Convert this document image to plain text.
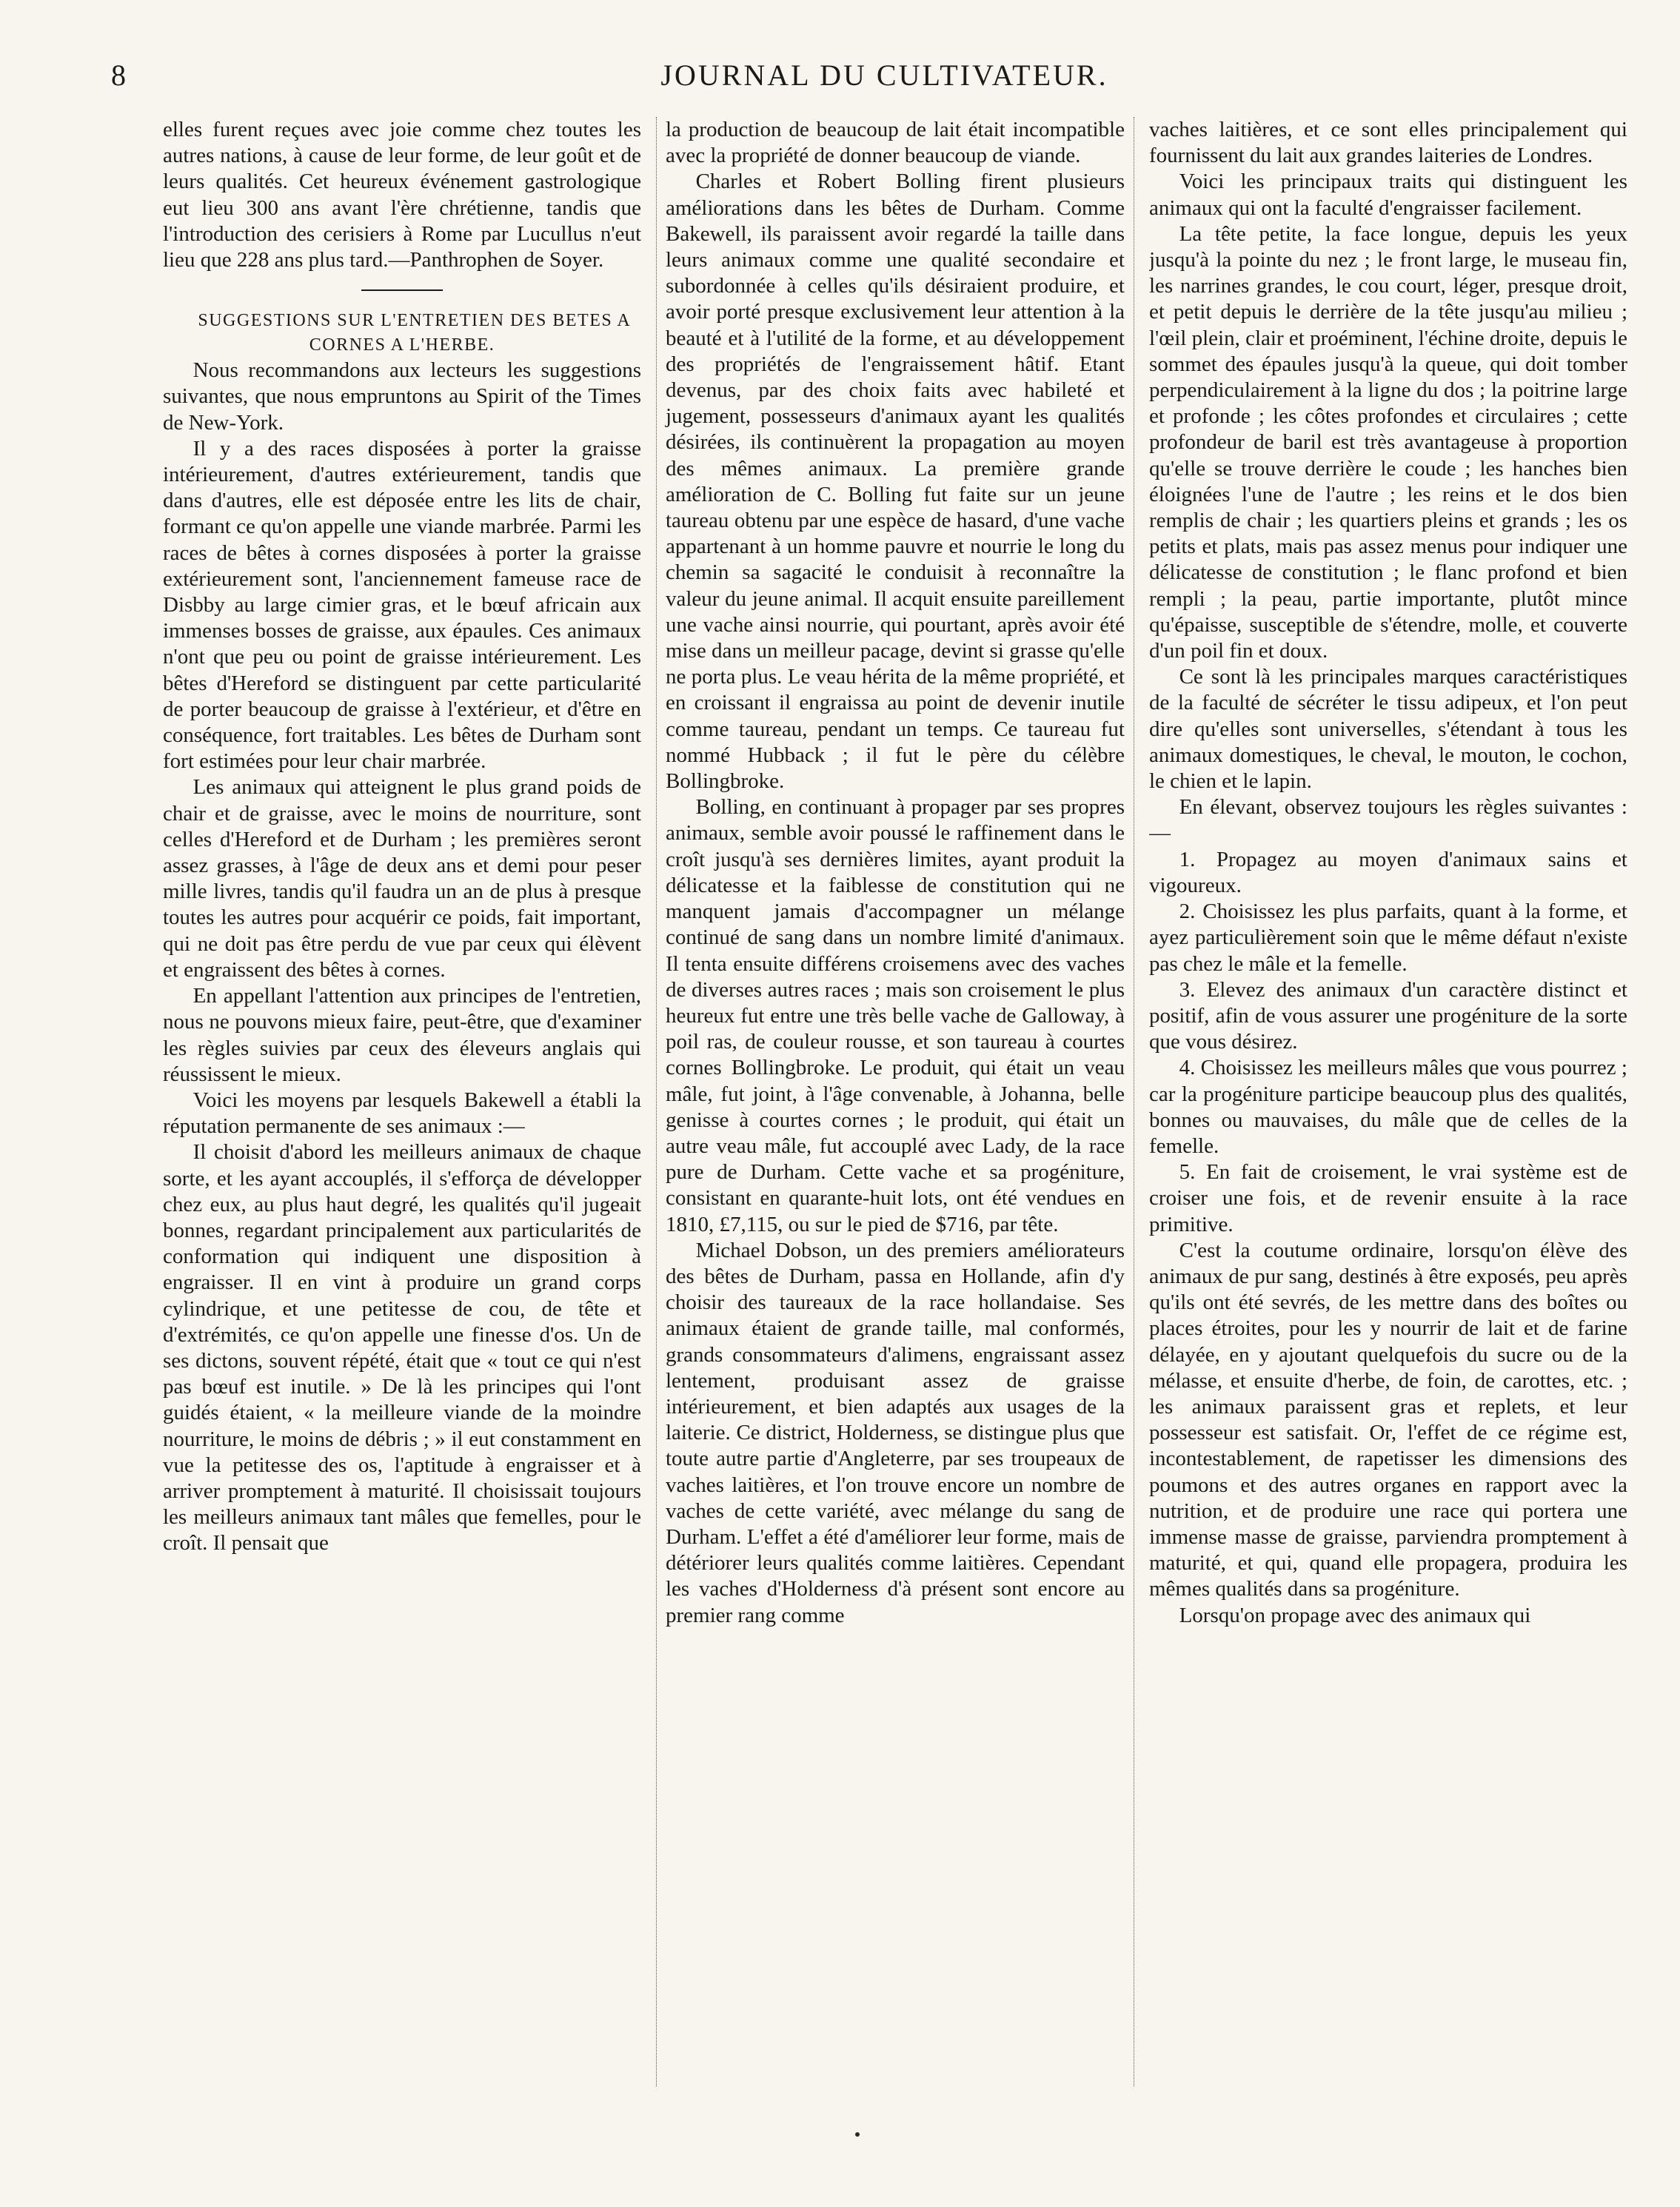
8	JOURNAL DU CULTIVATEUR.

elles furent reçues avec joie comme chez toutes les autres nations, à cause de leur forme, de leur goût et de leurs qualités. Cet heureux événement gastrologique eut lieu 300 ans avant l'ère chrétienne, tandis que l'introduction des cerisiers à Rome par Lucullus n'eut lieu que 228 ans plus tard.—Panthrophen de Soyer.

SUGGESTIONS SUR L'ENTRETIEN DES BETES A CORNES A L'HERBE.

Nous recommandons aux lecteurs les suggestions suivantes, que nous empruntons au Spirit of the Times de New-York.

Il y a des races disposées à porter la graisse intérieurement, d'autres extérieurement, tandis que dans d'autres, elle est déposée entre les lits de chair, formant ce qu'on appelle une viande marbrée. Parmi les races de bêtes à cornes disposées à porter la graisse extérieurement sont, l'anciennement fameuse race de Disbby au large cimier gras, et le bœuf africain aux immenses bosses de graisse, aux épaules. Ces animaux n'ont que peu ou point de graisse intérieurement. Les bêtes d'Hereford se distinguent par cette particularité de porter beaucoup de graisse à l'extérieur, et d'être en conséquence, fort traitables. Les bêtes de Durham sont fort estimées pour leur chair marbrée.

Les animaux qui atteignent le plus grand poids de chair et de graisse, avec le moins de nourriture, sont celles d'Hereford et de Durham ; les premières seront assez grasses, à l'âge de deux ans et demi pour peser mille livres, tandis qu'il faudra un an de plus à presque toutes les autres pour acquérir ce poids, fait important, qui ne doit pas être perdu de vue par ceux qui élèvent et engraissent des bêtes à cornes.

En appellant l'attention aux principes de l'entretien, nous ne pouvons mieux faire, peut-être, que d'examiner les règles suivies par ceux des éleveurs anglais qui réussissent le mieux.

Voici les moyens par lesquels Bakewell a établi la réputation permanente de ses animaux :—

Il choisit d'abord les meilleurs animaux de chaque sorte, et les ayant accouplés, il s'efforça de développer chez eux, au plus haut degré, les qualités qu'il jugeait bonnes, regardant principalement aux particularités de conformation qui indiquent une disposition à engraisser. Il en vint à produire un grand corps cylindrique, et une petitesse de cou, de tête et d'extrémités, ce qu'on appelle une finesse d'os. Un de ses dictons, souvent répété, était que « tout ce qui n'est pas bœuf est inutile. » De là les principes qui l'ont guidés étaient, « la meilleure viande de la moindre nourriture, le moins de débris ; » il eut constamment en vue la petitesse des os, l'aptitude à engraisser et à arriver promptement à maturité. Il choisissait toujours les meilleurs animaux tant mâles que femelles, pour le croît. Il pensait que

la production de beaucoup de lait était incompatible avec la propriété de donner beaucoup de viande.

Charles et Robert Bolling firent plusieurs améliorations dans les bêtes de Durham. Comme Bakewell, ils paraissent avoir regardé la taille dans leurs animaux comme une qualité secondaire et subordonnée à celles qu'ils désiraient produire, et avoir porté presque exclusivement leur attention à la beauté et à l'utilité de la forme, et au développement des propriétés de l'engraissement hâtif. Etant devenus, par des choix faits avec habileté et jugement, possesseurs d'animaux ayant les qualités désirées, ils continuèrent la propagation au moyen des mêmes animaux. La première grande amélioration de C. Bolling fut faite sur un jeune taureau obtenu par une espèce de hasard, d'une vache appartenant à un homme pauvre et nourrie le long du chemin sa sagacité le conduisit à reconnaître la valeur du jeune animal. Il acquit ensuite pareillement une vache ainsi nourrie, qui pourtant, après avoir été mise dans un meilleur pacage, devint si grasse qu'elle ne porta plus. Le veau hérita de la même propriété, et en croissant il engraissa au point de devenir inutile comme taureau, pendant un temps. Ce taureau fut nommé Hubback ; il fut le père du célèbre Bollingbroke.

Bolling, en continuant à propager par ses propres animaux, semble avoir poussé le raffinement dans le croît jusqu'à ses dernières limites, ayant produit la délicatesse et la faiblesse de constitution qui ne manquent jamais d'accompagner un mélange continué de sang dans un nombre limité d'animaux. Il tenta ensuite différens croisemens avec des vaches de diverses autres races ; mais son croisement le plus heureux fut entre une très belle vache de Galloway, à poil ras, de couleur rousse, et son taureau à courtes cornes Bollingbroke. Le produit, qui était un veau mâle, fut joint, à l'âge convenable, à Johanna, belle genisse à courtes cornes ; le produit, qui était un autre veau mâle, fut accouplé avec Lady, de la race pure de Durham. Cette vache et sa progéniture, consistant en quarante-huit lots, ont été vendues en 1810, £7,115, ou sur le pied de $716, par tête.

Michael Dobson, un des premiers améliorateurs des bêtes de Durham, passa en Hollande, afin d'y choisir des taureaux de la race hollandaise. Ses animaux étaient de grande taille, mal conformés, grands consommateurs d'alimens, engraissant assez lentement, produisant assez de graisse intérieurement, et bien adaptés aux usages de la laiterie. Ce district, Holderness, se distingue plus que toute autre partie d'Angleterre, par ses troupeaux de vaches laitières, et l'on trouve encore un nombre de vaches de cette variété, avec mélange du sang de Durham. L'effet a été d'améliorer leur forme, mais de détériorer leurs qualités comme laitières. Cependant les vaches d'Holderness d'à présent sont encore au premier rang comme

vaches laitières, et ce sont elles principalement qui fournissent du lait aux grandes laiteries de Londres.

Voici les principaux traits qui distinguent les animaux qui ont la faculté d'engraisser facilement.

La tête petite, la face longue, depuis les yeux jusqu'à la pointe du nez ; le front large, le museau fin, les narrines grandes, le cou court, léger, presque droit, et petit depuis le derrière de la tête jusqu'au milieu ; l'œil plein, clair et proéminent, l'échine droite, depuis le sommet des épaules jusqu'à la queue, qui doit tomber perpendiculairement à la ligne du dos ; la poitrine large et profonde ; les côtes profondes et circulaires ; cette profondeur de baril est très avantageuse à proportion qu'elle se trouve derrière le coude ; les hanches bien éloignées l'une de l'autre ; les reins et le dos bien remplis de chair ; les quartiers pleins et grands ; les os petits et plats, mais pas assez menus pour indiquer une délicatesse de constitution ; le flanc profond et bien rempli ; la peau, partie importante, plutôt mince qu'épaisse, susceptible de s'étendre, molle, et couverte d'un poil fin et doux.

Ce sont là les principales marques caractéristiques de la faculté de sécréter le tissu adipeux, et l'on peut dire qu'elles sont universelles, s'étendant à tous les animaux domestiques, le cheval, le mouton, le cochon, le chien et le lapin.

En élevant, observez toujours les règles suivantes :—

1. Propagez au moyen d'animaux sains et vigoureux.

2. Choisissez les plus parfaits, quant à la forme, et ayez particulièrement soin que le même défaut n'existe pas chez le mâle et la femelle.

3. Elevez des animaux d'un caractère distinct et positif, afin de vous assurer une progéniture de la sorte que vous désirez.

4. Choisissez les meilleurs mâles que vous pourrez ; car la progéniture participe beaucoup plus des qualités, bonnes ou mauvaises, du mâle que de celles de la femelle.

5. En fait de croisement, le vrai système est de croiser une fois, et de revenir ensuite à la race primitive.

C'est la coutume ordinaire, lorsqu'on élève des animaux de pur sang, destinés à être exposés, peu après qu'ils ont été sevrés, de les mettre dans des boîtes ou places étroites, pour les y nourrir de lait et de farine délayée, en y ajoutant quelquefois du sucre ou de la mélasse, et ensuite d'herbe, de foin, de carottes, etc. ; les animaux paraissent gras et replets, et leur possesseur est satisfait. Or, l'effet de ce régime est, incontestablement, de rapetisser les dimensions des poumons et des autres organes en rapport avec la nutrition, et de produire une race qui portera une immense masse de graisse, parviendra promptement à maturité, et qui, quand elle propagera, produira les mêmes qualités dans sa progéniture.

Lorsqu'on propage avec des animaux qui
